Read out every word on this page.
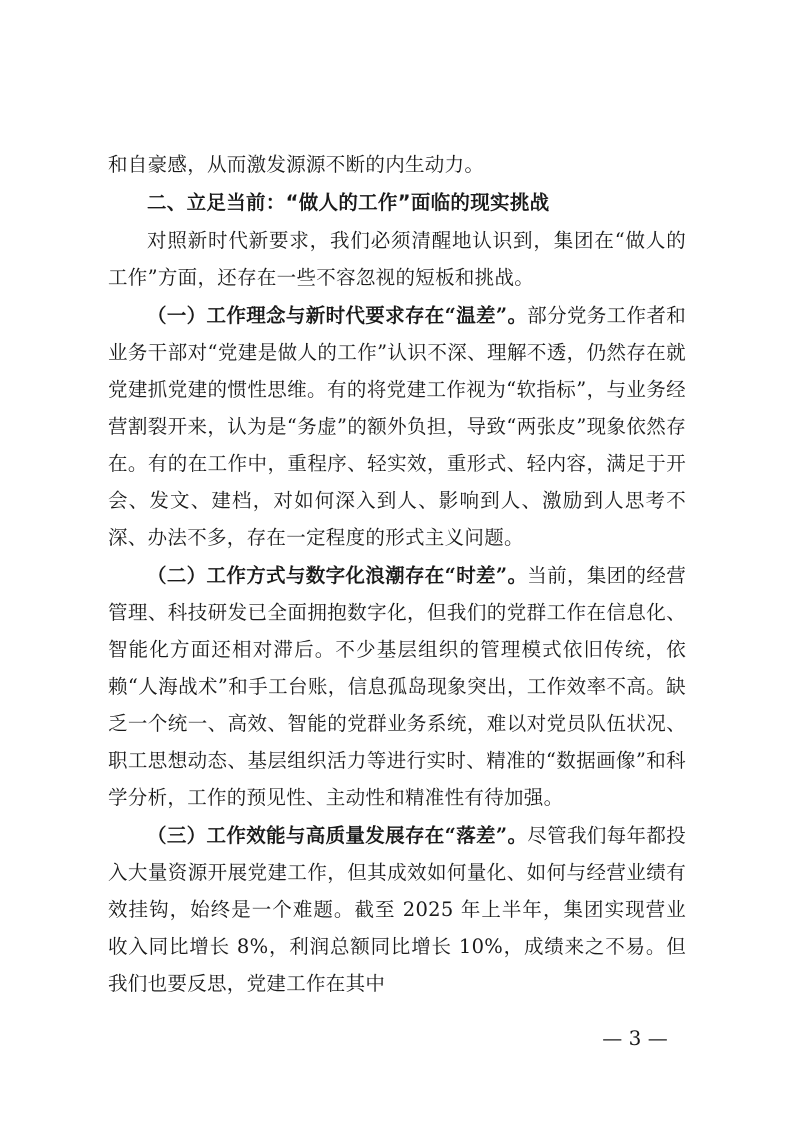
和自豪感，从而激发源源不断的内生动力。

二、立足当前：“做人的工作”面临的现实挑战

对照新时代新要求，我们必须清醒地认识到，集团在“做人的工作”方面，还存在一些不容忽视的短板和挑战。

（一）工作理念与新时代要求存在“温差”。部分党务工作者和业务干部对“党建是做人的工作”认识不深、理解不透，仍然存在就党建抓党建的惯性思维。有的将党建工作视为“软指标”，与业务经营割裂开来，认为是“务虚”的额外负担，导致“两张皮”现象依然存在。有的在工作中，重程序、轻实效，重形式、轻内容，满足于开会、发文、建档，对如何深入到人、影响到人、激励到人思考不深、办法不多，存在一定程度的形式主义问题。

（二）工作方式与数字化浪潮存在“时差”。当前，集团的经营管理、科技研发已全面拥抱数字化，但我们的党群工作在信息化、智能化方面还相对滞后。不少基层组织的管理模式依旧传统，依赖“人海战术”和手工台账，信息孤岛现象突出，工作效率不高。缺乏一个统一、高效、智能的党群业务系统，难以对党员队伍状况、职工思想动态、基层组织活力等进行实时、精准的“数据画像”和科学分析，工作的预见性、主动性和精准性有待加强。

（三）工作效能与高质量发展存在“落差”。尽管我们每年都投入大量资源开展党建工作，但其成效如何量化、如何与经营业绩有效挂钩，始终是一个难题。截至 2025 年上半年，集团实现营业收入同比增长 8%，利润总额同比增长 10%，成绩来之不易。但我们也要反思，党建工作在其中

— 3 —
